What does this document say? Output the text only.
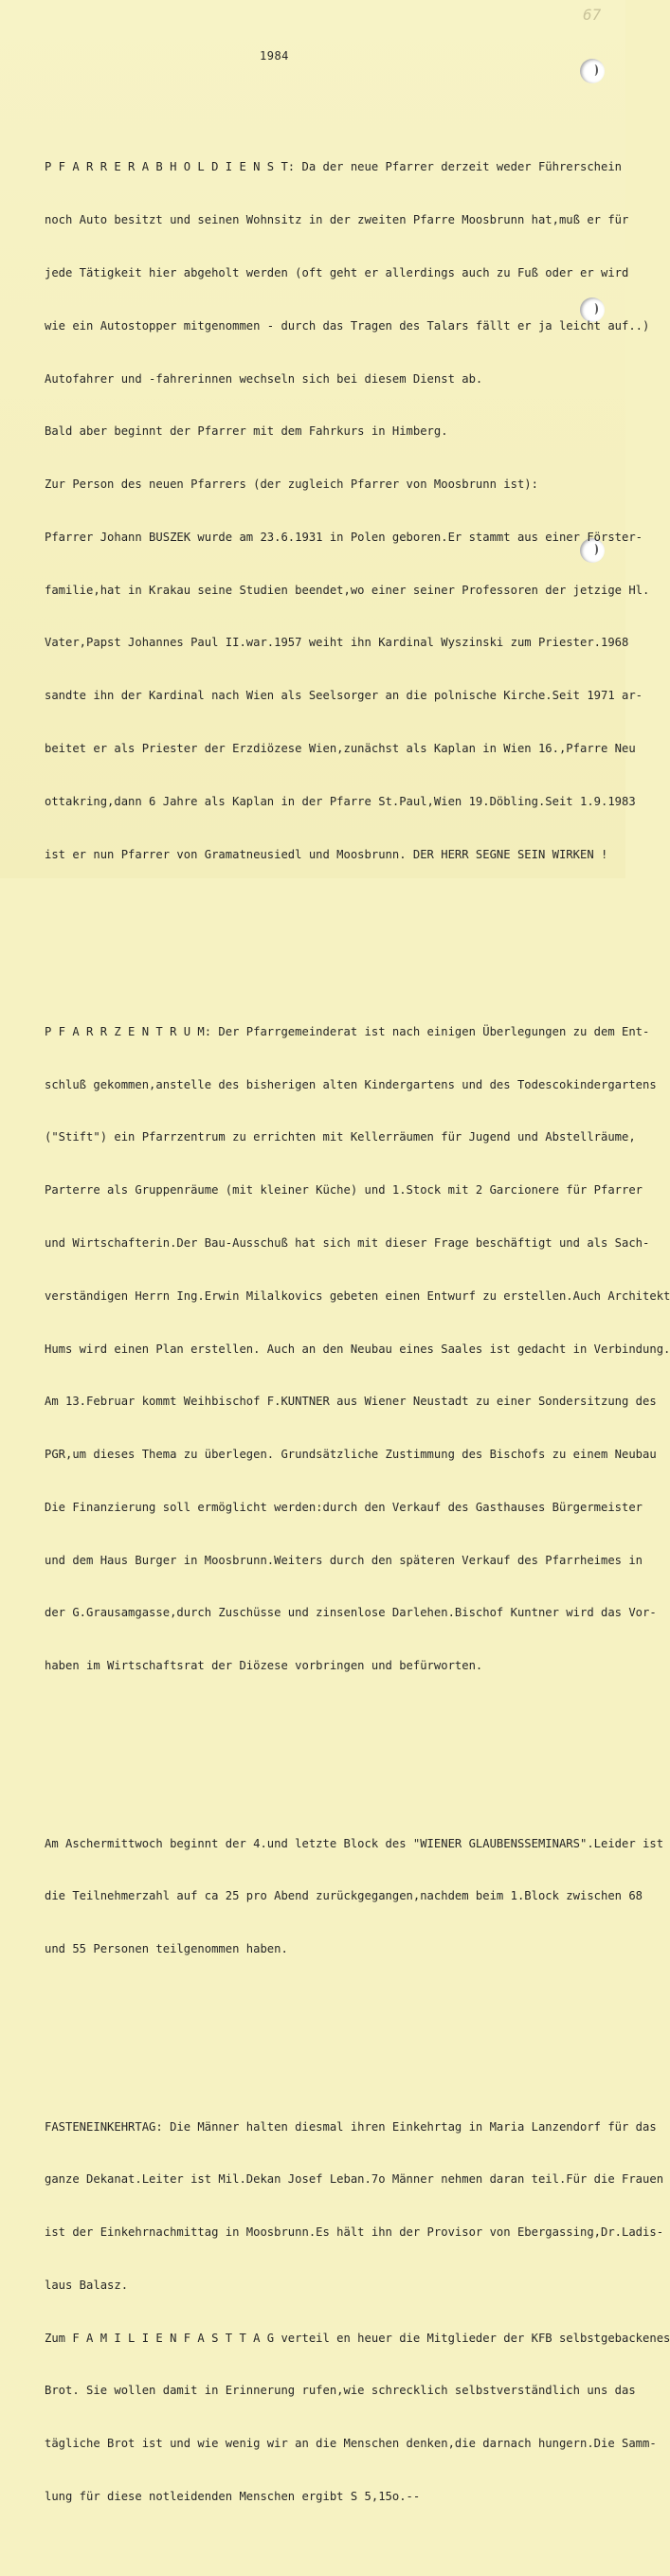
67
1984

P F A R R E R A B H O L D I E N S T: Da der neue Pfarrer derzeit weder Führerschein

noch Auto besitzt und seinen Wohnsitz in der zweiten Pfarre Moosbrunn hat,muß er für

jede Tätigkeit hier abgeholt werden (oft geht er allerdings auch zu Fuß oder er wird

wie ein Autostopper mitgenommen - durch das Tragen des Talars fällt er ja leicht auf..)

Autofahrer und -fahrerinnen wechseln sich bei diesem Dienst ab.

Bald aber beginnt der Pfarrer mit dem Fahrkurs in Himberg.

Zur Person des neuen Pfarrers (der zugleich Pfarrer von Moosbrunn ist):

Pfarrer Johann BUSZEK wurde am 23.6.1931 in Polen geboren.Er stammt aus einer Förster-

familie,hat in Krakau seine Studien beendet,wo einer seiner Professoren der jetzige Hl.

Vater,Papst Johannes Paul II.war.1957 weiht ihn Kardinal Wyszinski zum Priester.1968

sandte ihn der Kardinal nach Wien als Seelsorger an die polnische Kirche.Seit 1971 ar-

beitet er als Priester der Erzdiözese Wien,zunächst als Kaplan in Wien 16.,Pfarre Neu

ottakring,dann 6 Jahre als Kaplan in der Pfarre St.Paul,Wien 19.Döbling.Seit 1.9.1983

ist er nun Pfarrer von Gramatneusiedl und Moosbrunn. DER HERR SEGNE SEIN WIRKEN !

P F A R R Z E N T R U M: Der Pfarrgemeinderat ist nach einigen Überlegungen zu dem Ent-

schluß gekommen,anstelle des bisherigen alten Kindergartens und des Todescokindergartens

("Stift") ein Pfarrzentrum zu errichten mit Kellerräumen für Jugend und Abstellräume,

Parterre als Gruppenräume (mit kleiner Küche) und 1.Stock mit 2 Garcionere für Pfarrer

und Wirtschafterin.Der Bau-Ausschuß hat sich mit dieser Frage beschäftigt und als Sach-

verständigen Herrn Ing.Erwin Milalkovics gebeten einen Entwurf zu erstellen.Auch Architekt

Hums wird einen Plan erstellen. Auch an den Neubau eines Saales ist gedacht in Verbindung.

Am 13.Februar kommt Weihbischof F.KUNTNER aus Wiener Neustadt zu einer Sondersitzung des

PGR,um dieses Thema zu überlegen. Grundsätzliche Zustimmung des Bischofs zu einem Neubau

Die Finanzierung soll ermöglicht werden:durch den Verkauf des Gasthauses Bürgermeister

und dem Haus Burger in Moosbrunn.Weiters durch den späteren Verkauf des Pfarrheimes in

der G.Grausamgasse,durch Zuschüsse und zinsenlose Darlehen.Bischof Kuntner wird das Vor-

haben im Wirtschaftsrat der Diözese vorbringen und befürworten.

Am Aschermittwoch beginnt der 4.und letzte Block des "WIENER GLAUBENSSEMINARS".Leider ist

die Teilnehmerzahl auf ca 25 pro Abend zurückgegangen,nachdem beim 1.Block zwischen 68

und 55 Personen teilgenommen haben.

FASTENEINKEHRTAG: Die Männer halten diesmal ihren Einkehrtag in Maria Lanzendorf für das

ganze Dekanat.Leiter ist Mil.Dekan Josef Leban.7o Männer nehmen daran teil.Für die Frauen

ist der Einkehrnachmittag in Moosbrunn.Es hält ihn der Provisor von Ebergassing,Dr.Ladis-

laus Balasz.

Zum F A M I L I E N F A S T T A G verteil en heuer die Mitglieder der KFB selbstgebackenes

Brot. Sie wollen damit in Erinnerung rufen,wie schrecklich selbstverständlich uns das

tägliche Brot ist und wie wenig wir an die Menschen denken,die darnach hungern.Die Samm-

lung für diese notleidenden Menschen ergibt S 5,15o.--
